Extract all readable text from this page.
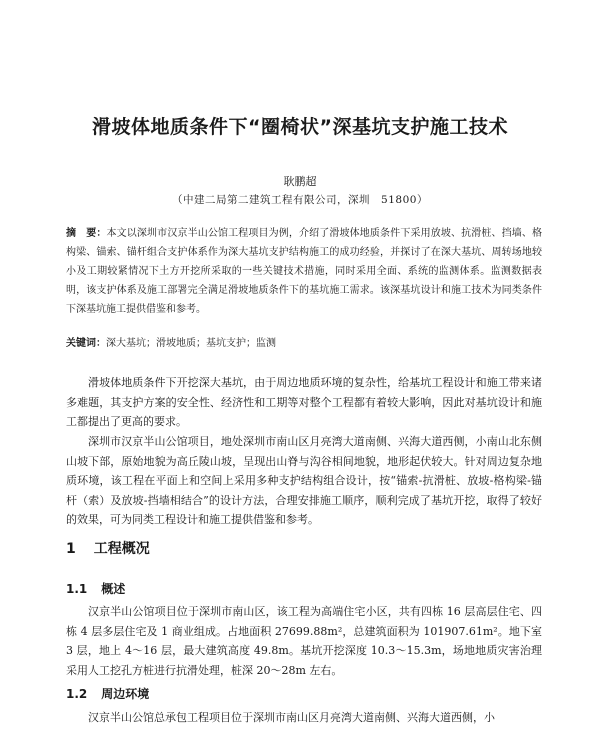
滑坡体地质条件下“圈椅状”深基坑支护施工技术
耿鹏超
（中建二局第二建筑工程有限公司，深圳　51800）
摘　要：本文以深圳市汉京半山公馆工程项目为例，介绍了滑坡体地质条件下采用放坡、抗滑桩、挡墙、格构梁、锚索、锚杆组合支护体系作为深大基坑支护结构施工的成功经验，并探讨了在深大基坑、周转场地较小及工期较紧情况下土方开挖所采取的一些关键技术措施，同时采用全面、系统的监测体系。监测数据表明，该支护体系及施工部署完全满足滑坡地质条件下的基坑施工需求。该深基坑设计和施工技术为同类条件下深基坑施工提供借鉴和参考。
关键词：深大基坑；滑坡地质；基坑支护；监测
滑坡体地质条件下开挖深大基坑，由于周边地质环境的复杂性，给基坑工程设计和施工带来诸多难题，其支护方案的安全性、经济性和工期等对整个工程都有着较大影响，因此对基坑设计和施工都提出了更高的要求。
深圳市汉京半山公馆项目，地处深圳市南山区月亮湾大道南侧、兴海大道西侧，小南山北东侧山坡下部，原始地貌为高丘陵山坡，呈现出山脊与沟谷相间地貌，地形起伏较大。针对周边复杂地质环境，该工程在平面上和空间上采用多种支护结构组合设计，按“锚索-抗滑桩、放坡-格构梁-锚杆（索）及放坡-挡墙相结合”的设计方法，合理安排施工顺序，顺利完成了基坑开挖，取得了较好的效果，可为同类工程设计和施工提供借鉴和参考。
1 工程概况
1.1 概述
汉京半山公馆项目位于深圳市南山区，该工程为高端住宅小区，共有四栋 16 层高层住宅、四栋 4 层多层住宅及 1 商业组成。占地面积 27699.88m²，总建筑面积为 101907.61m²。地下室 3 层，地上 4～16 层，最大建筑高度 49.8m。基坑开挖深度 10.3～15.3m，场地地质灾害治理采用人工挖孔方桩进行抗滑处理，桩深 20～28m 左右。
1.2 周边环境
汉京半山公馆总承包工程项目位于深圳市南山区月亮湾大道南侧、兴海大道西侧，小
